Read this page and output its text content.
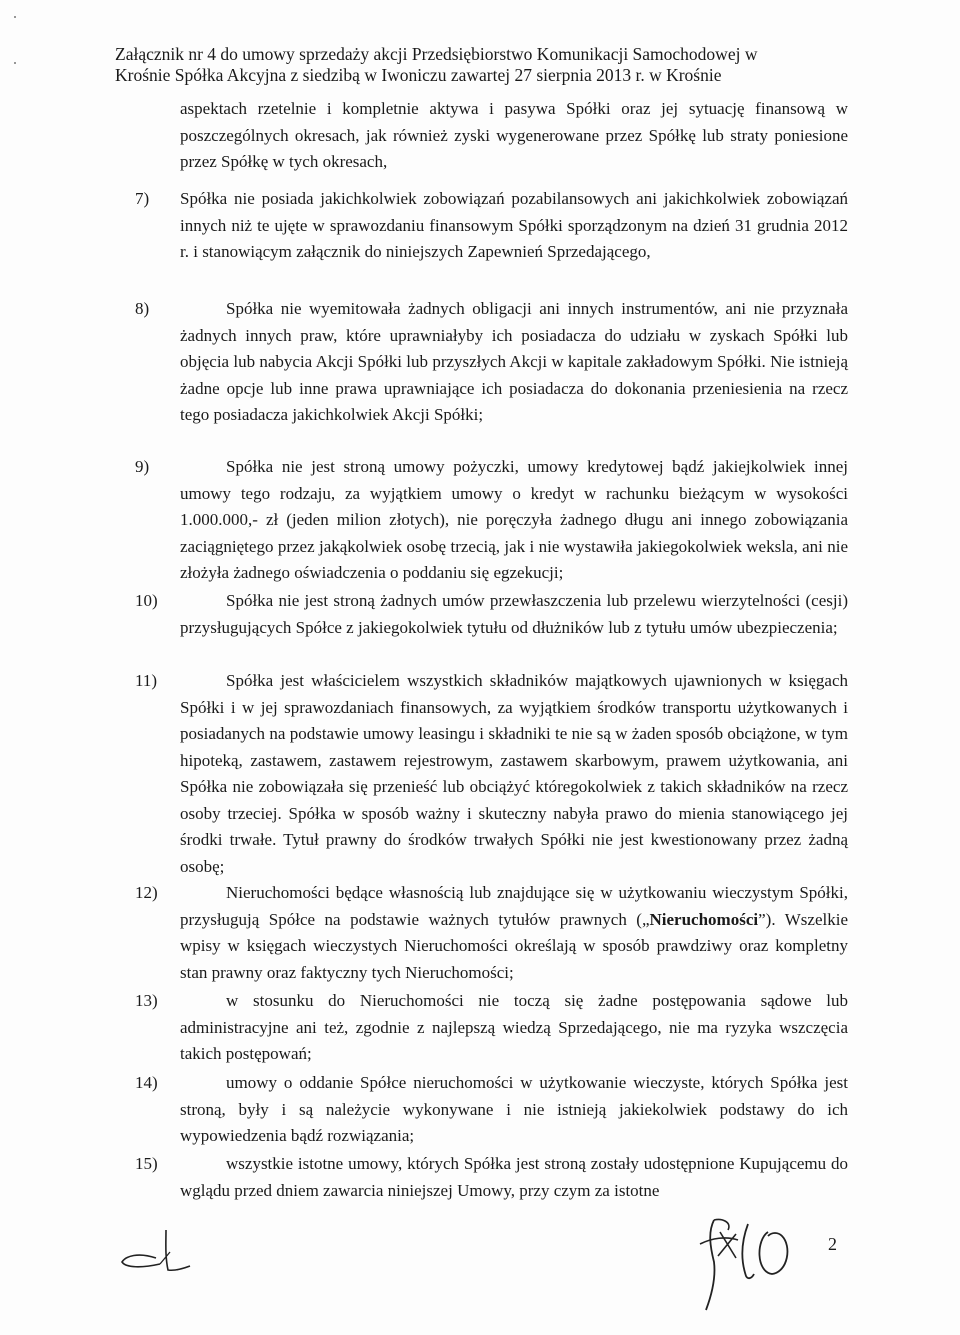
Załącznik nr 4 do umowy sprzedaży akcji Przedsiębiorstwo Komunikacji Samochodowej w
Krośnie Spółka Akcyjna z siedzibą w Iwoniczu zawartej 27 sierpnia 2013 r. w Krośnie
aspektach rzetelnie i kompletnie aktywa i pasywa Spółki oraz jej sytuację finansową w poszczególnych okresach, jak również zyski wygenerowane przez Spółkę lub straty poniesione przez Spółkę w tych okresach,
7) Spółka nie posiada jakichkolwiek zobowiązań pozabilansowych ani jakichkolwiek zobowiązań innych niż te ujęte w sprawozdaniu finansowym Spółki sporządzonym na dzień 31 grudnia 2012 r. i stanowiącym załącznik do niniejszych Zapewnień Sprzedającego,
8)	Spółka nie wyemitowała żadnych obligacji ani innych instrumentów, ani nie przyznała żadnych innych praw, które uprawniałyby ich posiadacza do udziału w zyskach Spółki lub objęcia lub nabycia Akcji Spółki lub przyszłych Akcji w kapitale zakładowym Spółki. Nie istnieją żadne opcje lub inne prawa uprawniające ich posiadacza do dokonania przeniesienia na rzecz tego posiadacza jakichkolwiek Akcji Spółki;
9)	Spółka nie jest stroną umowy pożyczki, umowy kredytowej bądź jakiejkolwiek innej umowy tego rodzaju, za wyjątkiem umowy o kredyt w rachunku bieżącym w wysokości 1.000.000,- zł (jeden milion złotych), nie poręczyła żadnego długu ani innego zobowiązania zaciągniętego przez jakąkolwiek osobę trzecią, jak i nie wystawiła jakiegokolwiek weksla, ani nie złożyła żadnego oświadczenia o poddaniu się egzekucji;
10)	Spółka nie jest stroną żadnych umów przewłaszczenia lub przelewu wierzytelności (cesji) przysługujących Spółce z jakiegokolwiek tytułu od dłużników lub z tytułu umów ubezpieczenia;
11)	Spółka jest właścicielem wszystkich składników majątkowych ujawnionych w księgach Spółki i w jej sprawozdaniach finansowych, za wyjątkiem środków transportu użytkowanych i posiadanych na podstawie umowy leasingu i składniki te nie są w żaden sposób obciążone, w tym hipoteką, zastawem, zastawem rejestrowym, zastawem skarbowym, prawem użytkowania, ani Spółka nie zobowiązała się przenieść lub obciążyć któregokolwiek z takich składników na rzecz osoby trzeciej. Spółka w sposób ważny i skuteczny nabyła prawo do mienia stanowiącego jej środki trwałe. Tytuł prawny do środków trwałych Spółki nie jest kwestionowany przez żadną osobę;
12)	Nieruchomości będące własnością lub znajdujące się w użytkowaniu wieczystym Spółki, przysługują Spółce na podstawie ważnych tytułów prawnych („Nieruchomości”). Wszelkie wpisy w księgach wieczystych Nieruchomości określają w sposób prawdziwy oraz kompletny stan prawny oraz faktyczny tych Nieruchomości;
13)	w stosunku do Nieruchomości nie toczą się żadne postępowania sądowe lub administracyjne ani też, zgodnie z najlepszą wiedzą Sprzedającego, nie ma ryzyka wszczęcia takich postępowań;
14)	umowy o oddanie Spółce nieruchomości w użytkowanie wieczyste, których Spółka jest stroną, były i są należycie wykonywane i nie istnieją jakiekolwiek podstawy do ich wypowiedzenia bądź rozwiązania;
15)	wszystkie istotne umowy, których Spółka jest stroną zostały udostępnione Kupującemu do wglądu przed dniem zawarcia niniejszej Umowy, przy czym za istotne
2
